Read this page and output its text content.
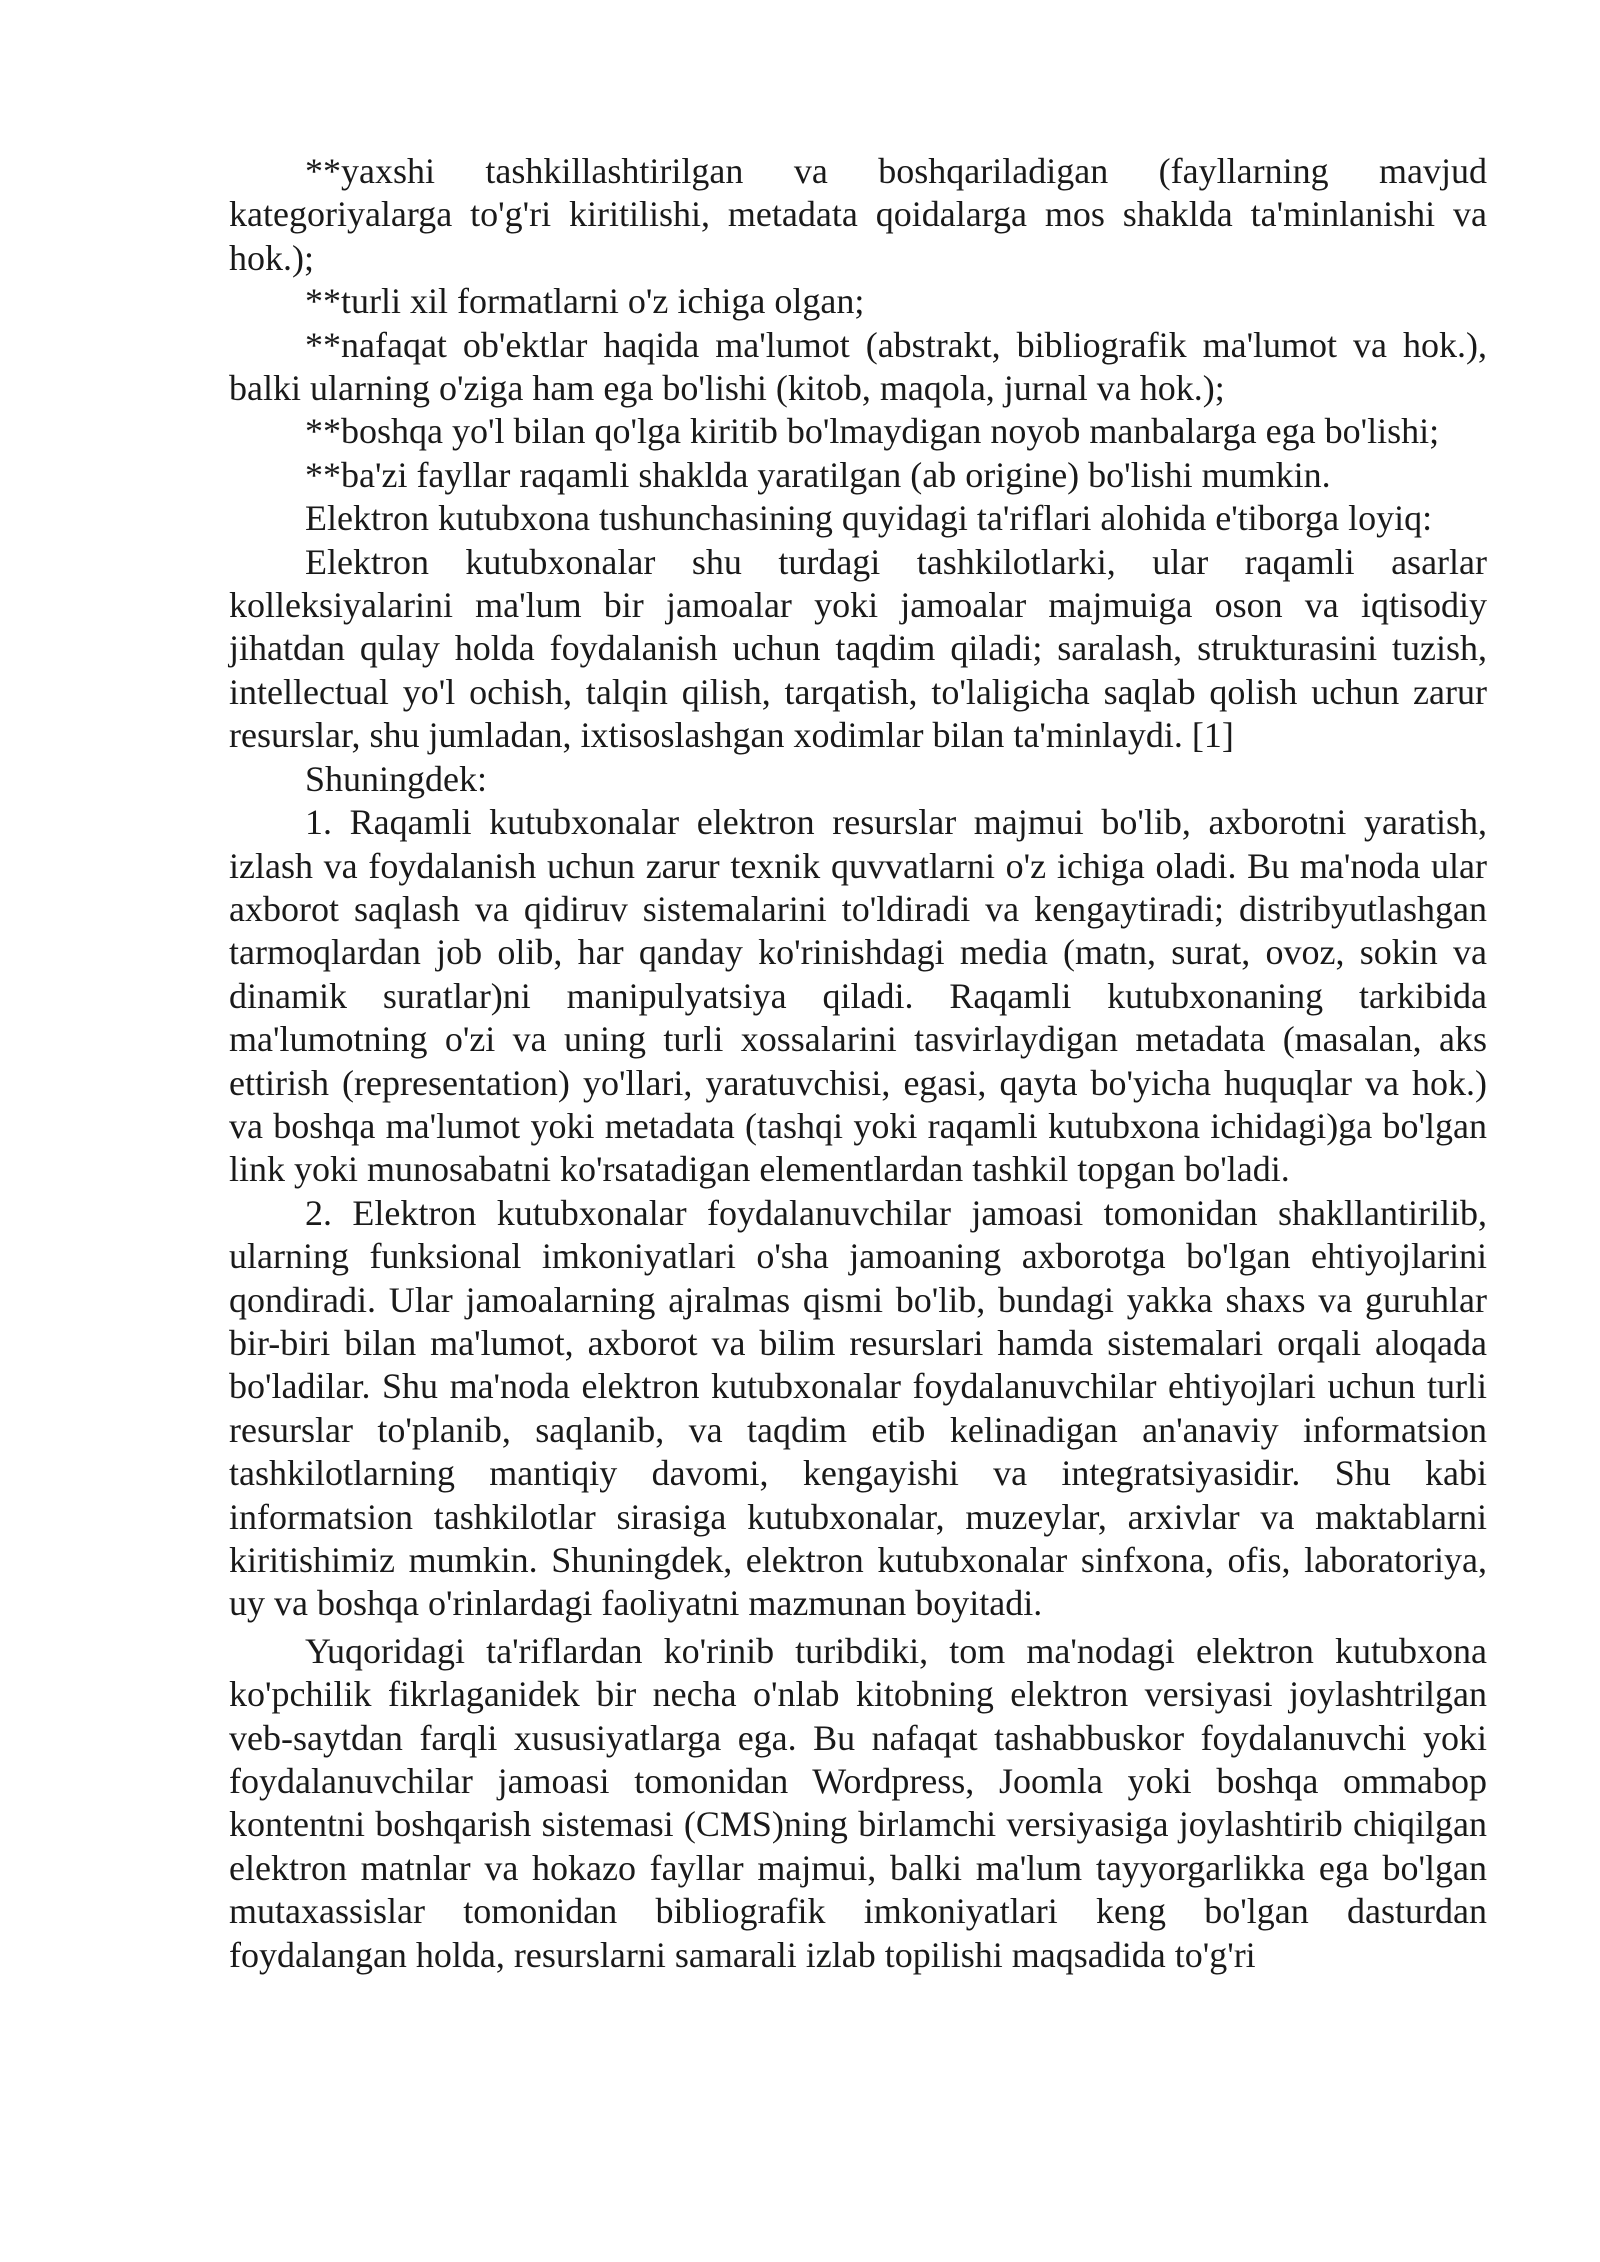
**yaxshi tashkillashtirilgan va boshqariladigan (fayllarning mavjud kategoriyalarga to'g'ri kiritilishi, metadata qoidalarga mos shaklda ta'minlanishi va hok.);

**turli xil formatlarni o'z ichiga olgan;

**nafaqat ob'ektlar haqida ma'lumot (abstrakt, bibliografik ma'lumot va hok.), balki ularning o'ziga ham ega bo'lishi (kitob, maqola, jurnal va hok.);

**boshqa yo'l bilan qo'lga kiritib bo'lmaydigan noyob manbalarga ega bo'lishi;

**ba'zi fayllar raqamli shaklda yaratilgan (ab origine) bo'lishi mumkin.

Elektron kutubxona tushunchasining quyidagi ta'riflari alohida e'tiborga loyiq:

Elektron kutubxonalar shu turdagi tashkilotlarki, ular raqamli asarlar kolleksiyalarini ma'lum bir jamoalar yoki jamoalar majmuiga oson va iqtisodiy jihatdan qulay holda foydalanish uchun taqdim qiladi; saralash, strukturasini tuzish, intellectual yo'l ochish, talqin qilish, tarqatish, to'laligicha saqlab qolish uchun zarur resurslar, shu jumladan, ixtisoslashgan xodimlar bilan ta'minlaydi. [1]

Shuningdek:

1. Raqamli kutubxonalar elektron resurslar majmui bo'lib, axborotni yaratish, izlash va foydalanish uchun zarur texnik quvvatlarni o'z ichiga oladi. Bu ma'noda ular axborot saqlash va qidiruv sistemalarini to'ldiradi va kengaytiradi; distribyutlashgan tarmoqlardan job olib, har qanday ko'rinishdagi media (matn, surat, ovoz, sokin va dinamik suratlar)ni manipulyatsiya qiladi. Raqamli kutubxonaning tarkibida ma'lumotning o'zi va uning turli xossalarini tasvirlaydigan metadata (masalan, aks ettirish (representation) yo'llari, yaratuvchisi, egasi, qayta bo'yicha huquqlar va hok.) va boshqa ma'lumot yoki metadata (tashqi yoki raqamli kutubxona ichidagi)ga bo'lgan link yoki munosabatni ko'rsatadigan elementlardan tashkil topgan bo'ladi.

2. Elektron kutubxonalar foydalanuvchilar jamoasi tomonidan shakllantirilib, ularning funksional imkoniyatlari o'sha jamoaning axborotga bo'lgan ehtiyojlarini qondiradi. Ular jamoalarning ajralmas qismi bo'lib, bundagi yakka shaxs va guruhlar bir-biri bilan ma'lumot, axborot va bilim resurslari hamda sistemalari orqali aloqada bo'ladilar. Shu ma'noda elektron kutubxonalar foydalanuvchilar ehtiyojlari uchun turli resurslar to'planib, saqlanib, va taqdim etib kelinadigan an'anaviy informatsion tashkilotlarning mantiqiy davomi, kengayishi va integratsiyasidir. Shu kabi informatsion tashkilotlar sirasiga kutubxonalar, muzeylar, arxivlar va maktablarni kiritishimiz mumkin. Shuningdek, elektron kutubxonalar sinfxona, ofis, laboratoriya, uy va boshqa o'rinlardagi faoliyatni mazmunan boyitadi.

Yuqoridagi ta'riflardan ko'rinib turibdiki, tom ma'nodagi elektron kutubxona ko'pchilik fikrlaganidek bir necha o'nlab kitobning elektron versiyasi joylashtrilgan veb-saytdan farqli xususiyatlarga ega. Bu nafaqat tashabbuskor foydalanuvchi yoki foydalanuvchilar jamoasi tomonidan Wordpress, Joomla yoki boshqa ommabop kontentni boshqarish sistemasi (CMS)ning birlamchi versiyasiga joylashtirib chiqilgan elektron matnlar va hokazo fayllar majmui, balki ma'lum tayyorgarlikka ega bo'lgan mutaxassislar tomonidan bibliografik imkoniyatlari keng bo'lgan dasturdan foydalangan holda, resurslarni samarali izlab topilishi maqsadida to'g'ri
